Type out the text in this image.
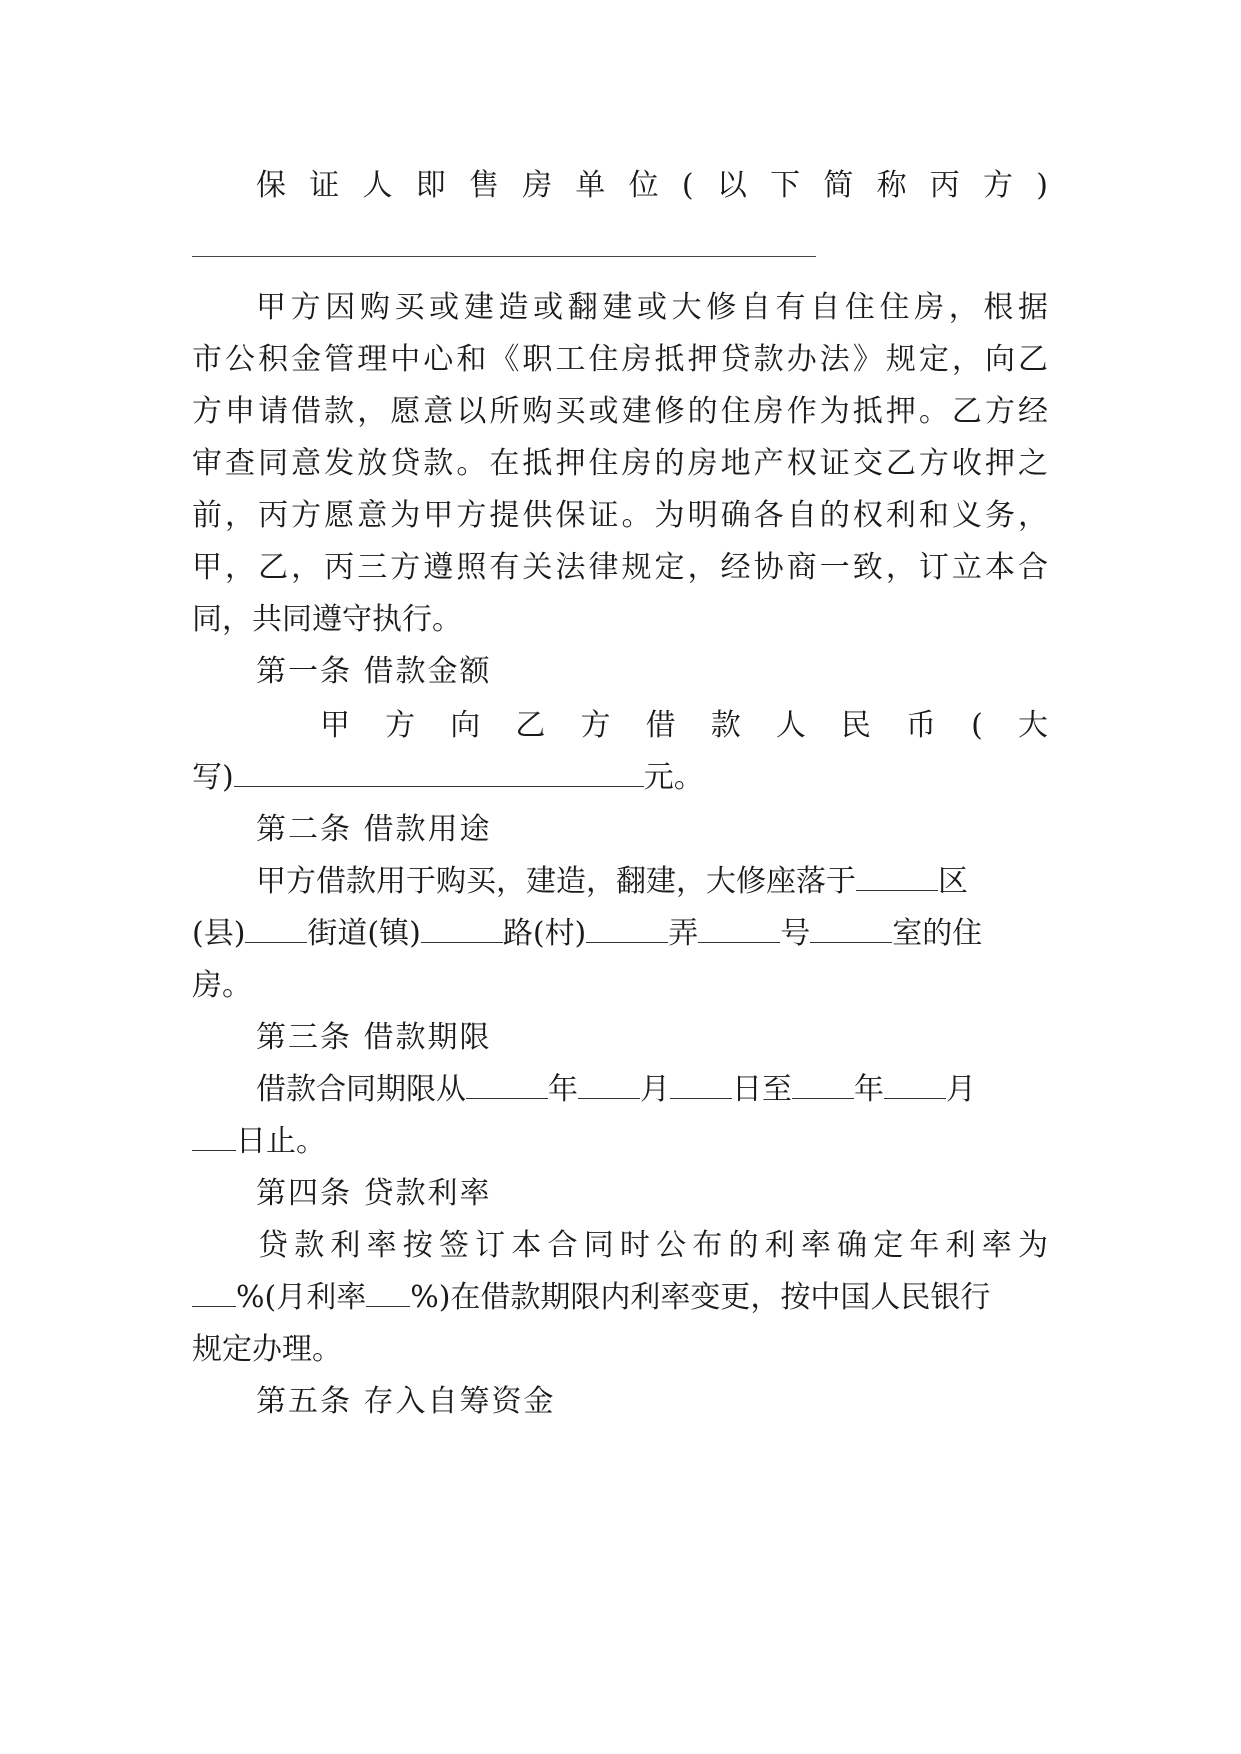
保证人即售房单位(以下简称丙方)
甲方因购买或建造或翻建或大修自有自住住房，根据
市公积金管理中心和《职工住房抵押贷款办法》规定，向乙
方申请借款，愿意以所购买或建修的住房作为抵押。乙方经
审查同意发放贷款。在抵押住房的房地产权证交乙方收押之
前，丙方愿意为甲方提供保证。为明确各自的权利和义务，
甲，乙，丙三方遵照有关法律规定，经协商一致，订立本合
同，共同遵守执行。
第一条 借款金额
甲方向乙方借款人民币(大
写)	元。
第二条 借款用途
甲方借款用于购买，建造，翻建，大修座落于	区
(县) 街道(镇)	路(村)	弄	号	室的住
房。
第三条 借款期限
借款合同期限从	年 月 日至 年 月
日止。
第四条 贷款利率
贷款利率按签订本合同时公布的利率确定年利率为
%(月利率 %)在借款期限内利率变更，按中国人民银行
规定办理。
第五条 存入自筹资金
